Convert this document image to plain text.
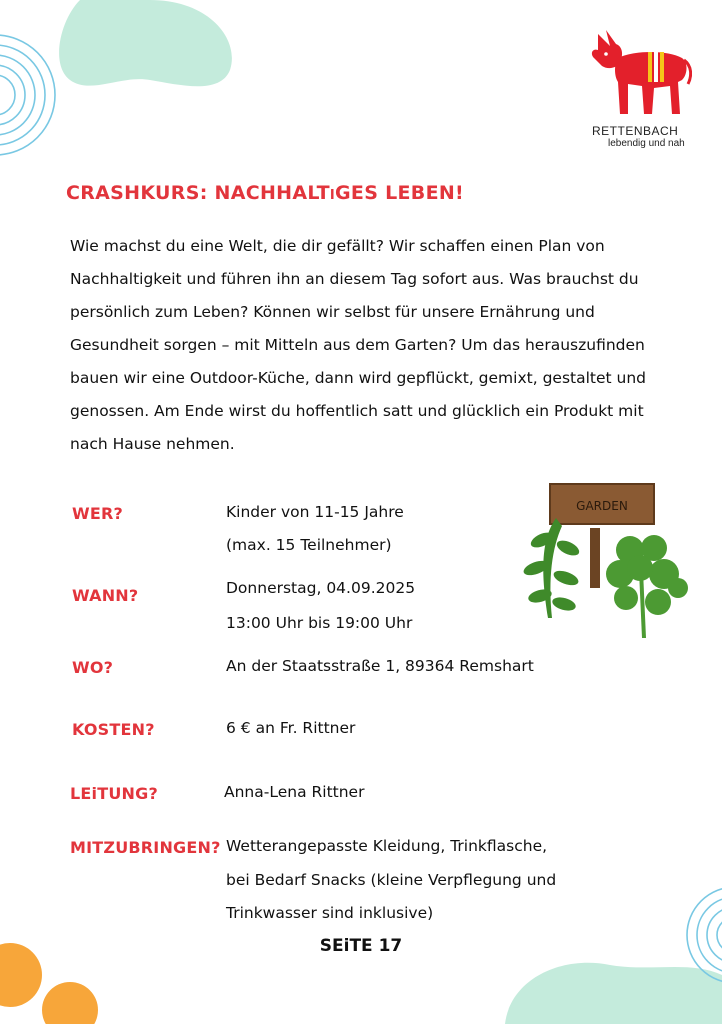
RETTENBACH
lebendig und nah
CRASHKURS: NACHHALTiGES LEBEN!

Wie machst du eine Welt, die dir gefällt? Wir schaffen einen Plan von Nachhaltigkeit und führen ihn an diesem Tag sofort aus. Was brauchst du persönlich zum Leben? Können wir selbst für unsere Ernährung und Gesundheit sorgen – mit Mitteln aus dem Garten? Um das herauszufinden bauen wir eine Outdoor-Küche, dann wird gepflückt, gemixt, gestaltet und genossen. Am Ende wirst du hoffentlich satt und glücklich ein Produkt mit nach Hause nehmen.

GARDEN
WER?	Kinder von 11-15 Jahre
(max. 15 Teilnehmer)
WANN?	Donnerstag, 04.09.2025
13:00 Uhr bis 19:00 Uhr
WO?	An der Staatsstraße 1, 89364 Remshart
KOSTEN?	6 € an Fr. Rittner
LEiTUNG?	Anna-Lena Rittner
MITZUBRINGEN? Wetterangepasste Kleidung, Trinkflasche,
bei Bedarf Snacks (kleine Verpflegung und
Trinkwasser sind inklusive)
SEiTE 17
